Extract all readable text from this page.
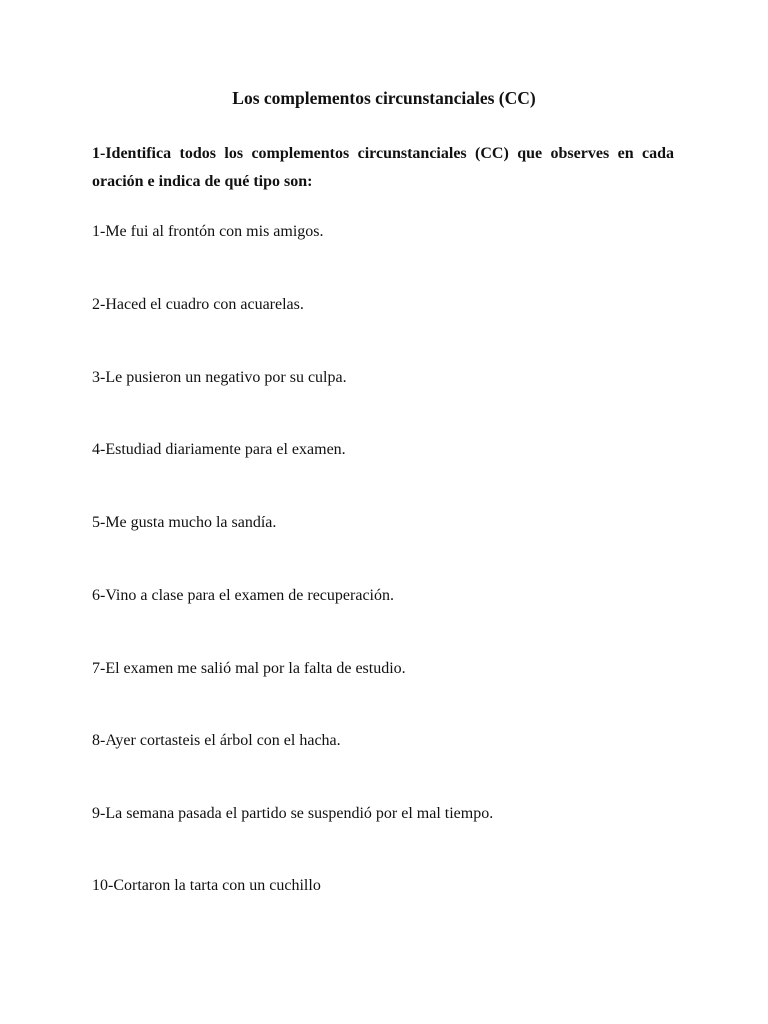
Los complementos circunstanciales (CC)
1-Identifica todos los complementos circunstanciales (CC) que observes en cada oración e indica de qué tipo son:
1-Me fui al frontón con mis amigos.
2-Haced el cuadro con acuarelas.
3-Le pusieron un negativo por su culpa.
4-Estudiad diariamente para el examen.
5-Me gusta mucho la sandía.
6-Vino a clase para el examen de recuperación.
7-El examen me salió mal por la falta de estudio.
8-Ayer cortasteis el árbol con el hacha.
9-La semana pasada el partido se suspendió por el mal tiempo.
10-Cortaron la tarta con un cuchillo
